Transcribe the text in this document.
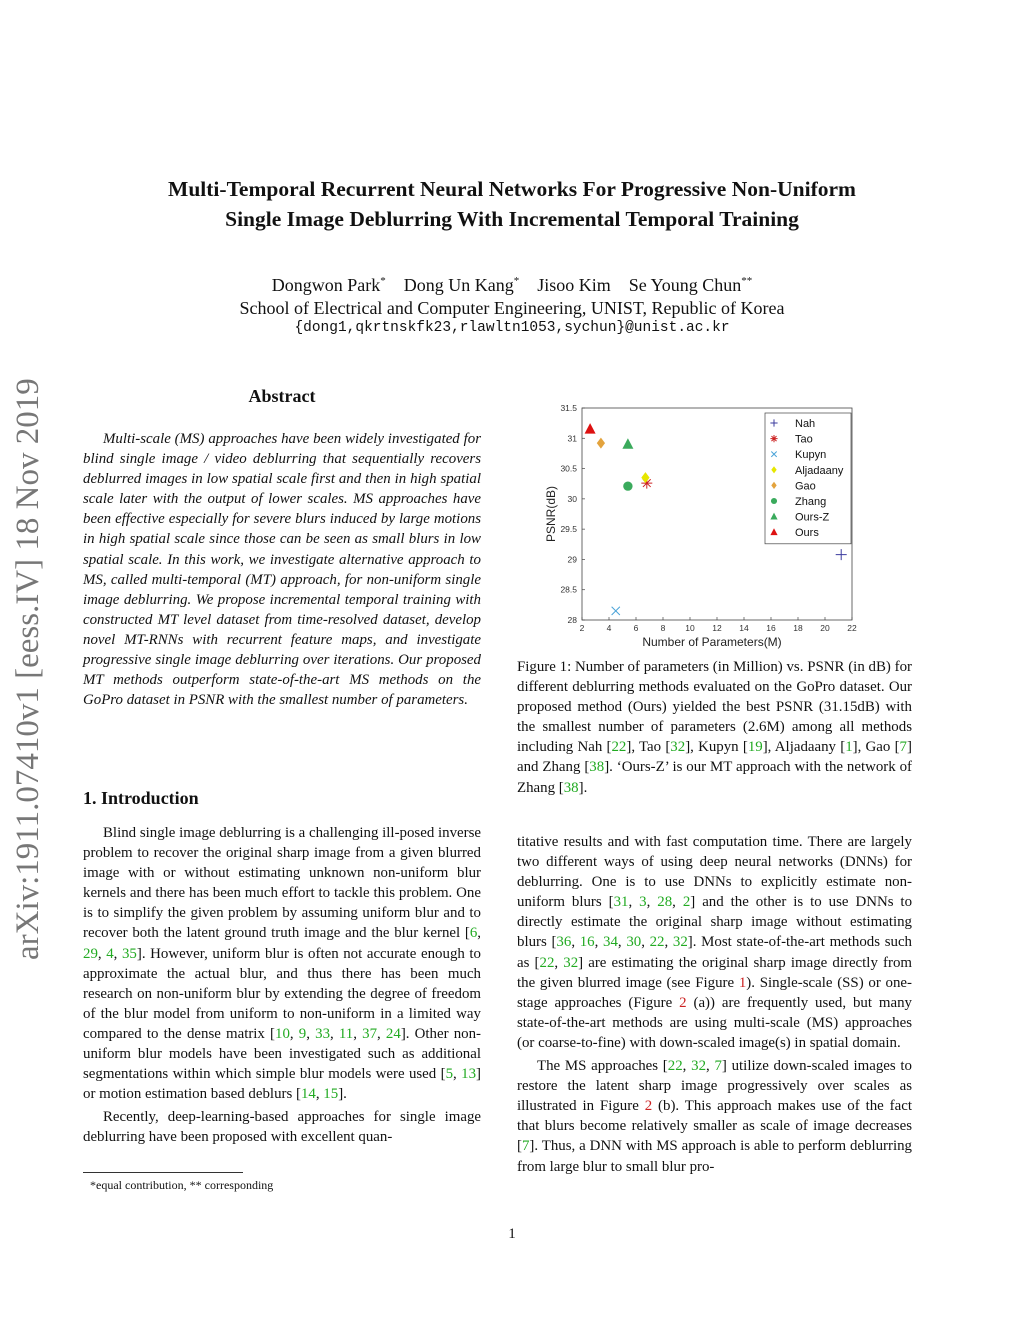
Multi-Temporal Recurrent Neural Networks For Progressive Non-Uniform
Single Image Deblurring With Incremental Temporal Training
Dongwon Park* Dong Un Kang* Jisoo Kim Se Young Chun**
School of Electrical and Computer Engineering, UNIST, Republic of Korea
{dong1,qkrtnskfk23,rlawltn1053,sychun}@unist.ac.kr
arXiv:1911.07410v1 [eess.IV] 18 Nov 2019	Abstract

Multi-scale (MS) approaches have been widely investigated for blind single image / video deblurring that sequentially recovers deblurred images in low spatial scale first and then in high spatial scale later with the output of lower scales. MS approaches have been effective especially for severe blurs induced by large motions in high spatial scale since those can be seen as small blurs in low spatial scale. In this work, we investigate alternative approach to MS, called multi-temporal (MT) approach, for non-uniform single image deblurring. We propose incremental temporal training with constructed MT level dataset from time-resolved dataset, develop novel MT-RNNs with recurrent feature maps, and investigate progressive single image deblurring over iterations. Our proposed MT methods outperform state-of-the-art MS methods on the GoPro dataset in PSNR with the smallest number of parameters.

1. Introduction

Blind single image deblurring is a challenging ill-posed inverse problem to recover the original sharp image from a given blurred image with or without estimating unknown non-uniform blur kernels and there has been much effort to tackle this problem. One is to simplify the given problem by assuming uniform blur and to recover both the latent ground truth image and the blur kernel [6, 29, 4, 35]. However, uniform blur is often not accurate enough to approximate the actual blur, and thus there has been much research on non-uniform blur by extending the degree of freedom of the blur model from uniform to non-uniform in a limited way compared to the dense matrix [10, 9, 33, 11, 37, 24]. Other non-uniform blur models have been investigated such as additional segmentations within which simple blur models were used [5, 13] or motion estimation based deblurs [14, 15].

Recently, deep-learning-based approaches for single image deblurring have been proposed with excellent quan-

*equal contribution, ** corresponding
2	4	6	8 10 12 14 16 18 20 22
28
28.5
29
29.5
30
30.5
31
31.5
Number of Parameters(M)
PSNR(dB)
Nah
Tao
Kupyn
Aljadaany
Gao
Zhang
Ours-Z
Ours
Figure 1: Number of parameters (in Million) vs. PSNR (in dB) for different deblurring methods evaluated on the GoPro dataset. Our proposed method (Ours) yielded the best PSNR (31.15dB) with the smallest number of parameters (2.6M) among all methods including Nah [22], Tao [32], Kupyn [19], Aljadaany [1], Gao [7] and Zhang [38]. ‘Ours-Z’ is our MT approach with the network of Zhang [38].

titative results and with fast computation time. There are largely two different ways of using deep neural networks (DNNs) for deblurring. One is to use DNNs to explicitly estimate non-uniform blurs [31, 3, 28, 2] and the other is to use DNNs to directly estimate the original sharp image without estimating blurs [36, 16, 34, 30, 22, 32]. Most state-of-the-art methods such as [22, 32] are estimating the original sharp image directly from the given blurred image (see Figure 1). Single-scale (SS) or one-stage approaches (Figure 2 (a)) are frequently used, but many state-of-the-art methods are using multi-scale (MS) approaches (or coarse-to-fine) with down-scaled image(s) in spatial domain.

The MS approaches [22, 32, 7] utilize down-scaled images to restore the latent sharp image progressively over scales as illustrated in Figure 2 (b). This approach makes use of the fact that blurs become relatively smaller as scale of image decreases [7]. Thus, a DNN with MS approach is able to perform deblurring from large blur to small blur pro-

1
